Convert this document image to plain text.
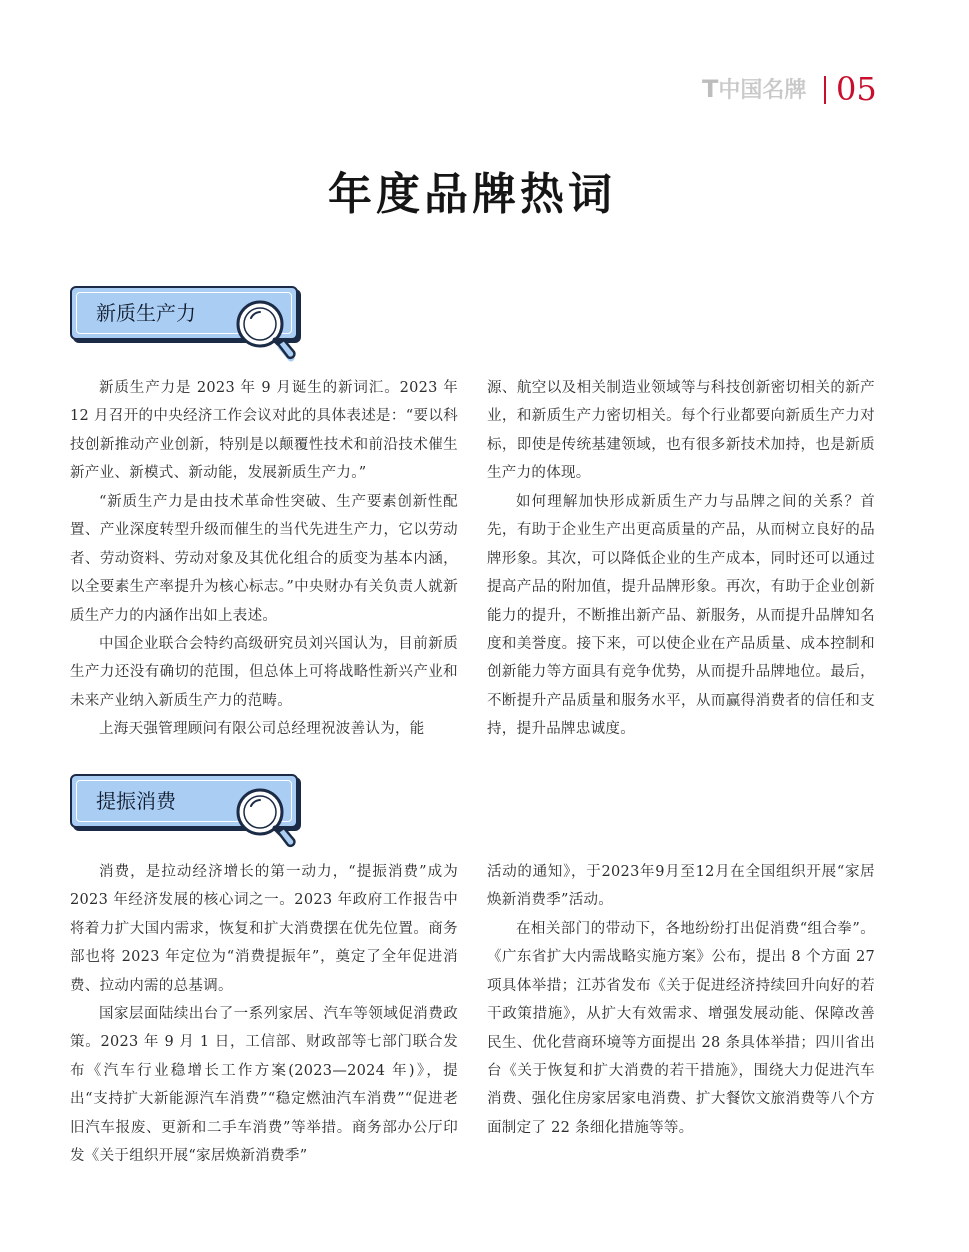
T中国名牌 05
年度品牌热词
新质生产力

新质生产力是 2023 年 9 月诞生的新词汇。2023 年 12 月召开的中央经济工作会议对此的具体表述是：“要以科技创新推动产业创新，特别是以颠覆性技术和前沿技术催生新产业、新模式、新动能，发展新质生产力。”

“新质生产力是由技术革命性突破、生产要素创新性配置、产业深度转型升级而催生的当代先进生产力，它以劳动者、劳动资料、劳动对象及其优化组合的质变为基本内涵，以全要素生产率提升为核心标志。”中央财办有关负责人就新质生产力的内涵作出如上表述。

中国企业联合会特约高级研究员刘兴国认为，目前新质生产力还没有确切的范围，但总体上可将战略性新兴产业和未来产业纳入新质生产力的范畴。

上海天强管理顾问有限公司总经理祝波善认为，能

源、航空以及相关制造业领域等与科技创新密切相关的新产业，和新质生产力密切相关。每个行业都要向新质生产力对标，即使是传统基建领域，也有很多新技术加持，也是新质生产力的体现。

如何理解加快形成新质生产力与品牌之间的关系？首先，有助于企业生产出更高质量的产品，从而树立良好的品牌形象。其次，可以降低企业的生产成本，同时还可以通过提高产品的附加值，提升品牌形象。再次，有助于企业创新能力的提升，不断推出新产品、新服务，从而提升品牌知名度和美誉度。接下来，可以使企业在产品质量、成本控制和创新能力等方面具有竞争优势，从而提升品牌地位。最后，不断提升产品质量和服务水平，从而赢得消费者的信任和支持，提升品牌忠诚度。

提振消费

消费，是拉动经济增长的第一动力，“提振消费”成为 2023 年经济发展的核心词之一。2023 年政府工作报告中将着力扩大国内需求，恢复和扩大消费摆在优先位置。商务部也将 2023 年定位为“消费提振年”，奠定了全年促进消费、拉动内需的总基调。

国家层面陆续出台了一系列家居、汽车等领域促消费政策。2023 年 9 月 1 日，工信部、财政部等七部门联合发布《汽车行业稳增长工作方案(2023—2024 年)》，提出“支持扩大新能源汽车消费”“稳定燃油汽车消费”“促进老旧汽车报废、更新和二手车消费”等举措。商务部办公厅印发《关于组织开展“家居焕新消费季”

活动的通知》，于2023年9月至12月在全国组织开展“家居焕新消费季”活动。

在相关部门的带动下，各地纷纷打出促消费“组合拳”。《广东省扩大内需战略实施方案》公布，提出 8 个方面 27 项具体举措；江苏省发布《关于促进经济持续回升向好的若干政策措施》，从扩大有效需求、增强发展动能、保障改善民生、优化营商环境等方面提出 28 条具体举措；四川省出台《关于恢复和扩大消费的若干措施》，围绕大力促进汽车消费、强化住房家居家电消费、扩大餐饮文旅消费等八个方面制定了 22 条细化措施等等。
